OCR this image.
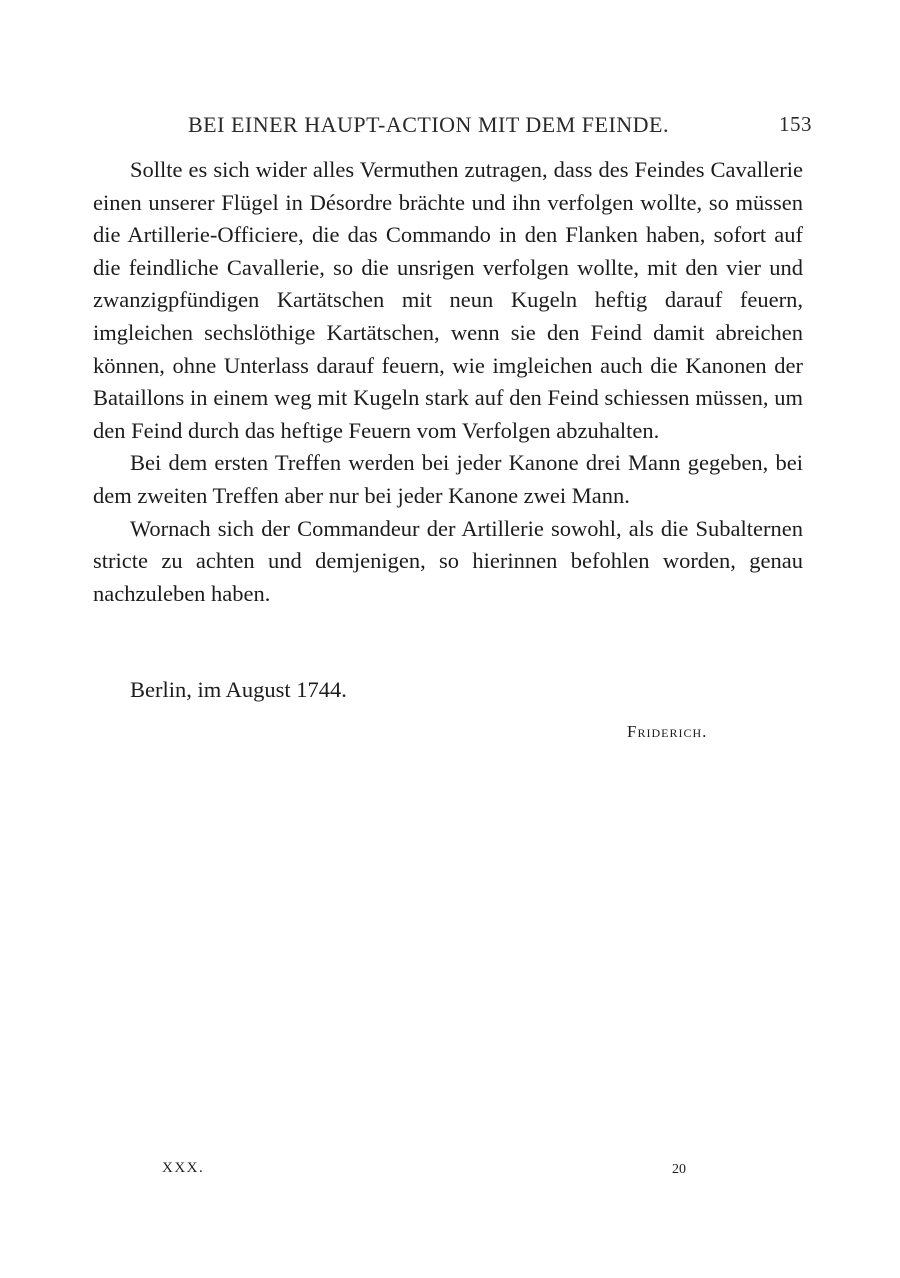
BEI EINER HAUPT-ACTION MIT DEM FEINDE.	153

Sollte es sich wider alles Vermuthen zutragen, dass des Feindes Cavallerie einen unserer Flügel in Désordre brächte und ihn verfolgen wollte, so müssen die Artillerie-Officiere, die das Commando in den Flanken haben, sofort auf die feindliche Cavallerie, so die unsrigen verfolgen wollte, mit den vier und zwanzigpfündigen Kartätschen mit neun Kugeln heftig darauf feuern, imgleichen sechslöthige Kartätschen, wenn sie den Feind damit abreichen können, ohne Unterlass darauf feuern, wie imgleichen auch die Kanonen der Bataillons in einem weg mit Kugeln stark auf den Feind schiessen müssen, um den Feind durch das heftige Feuern vom Verfolgen abzuhalten.

Bei dem ersten Treffen werden bei jeder Kanone drei Mann gegeben, bei dem zweiten Treffen aber nur bei jeder Kanone zwei Mann.

Wornach sich der Commandeur der Artillerie sowohl, als die Subalternen stricte zu achten und demjenigen, so hierinnen befohlen worden, genau nachzuleben haben.

Berlin, im August 1744.
Friderich.
XXX.	20
